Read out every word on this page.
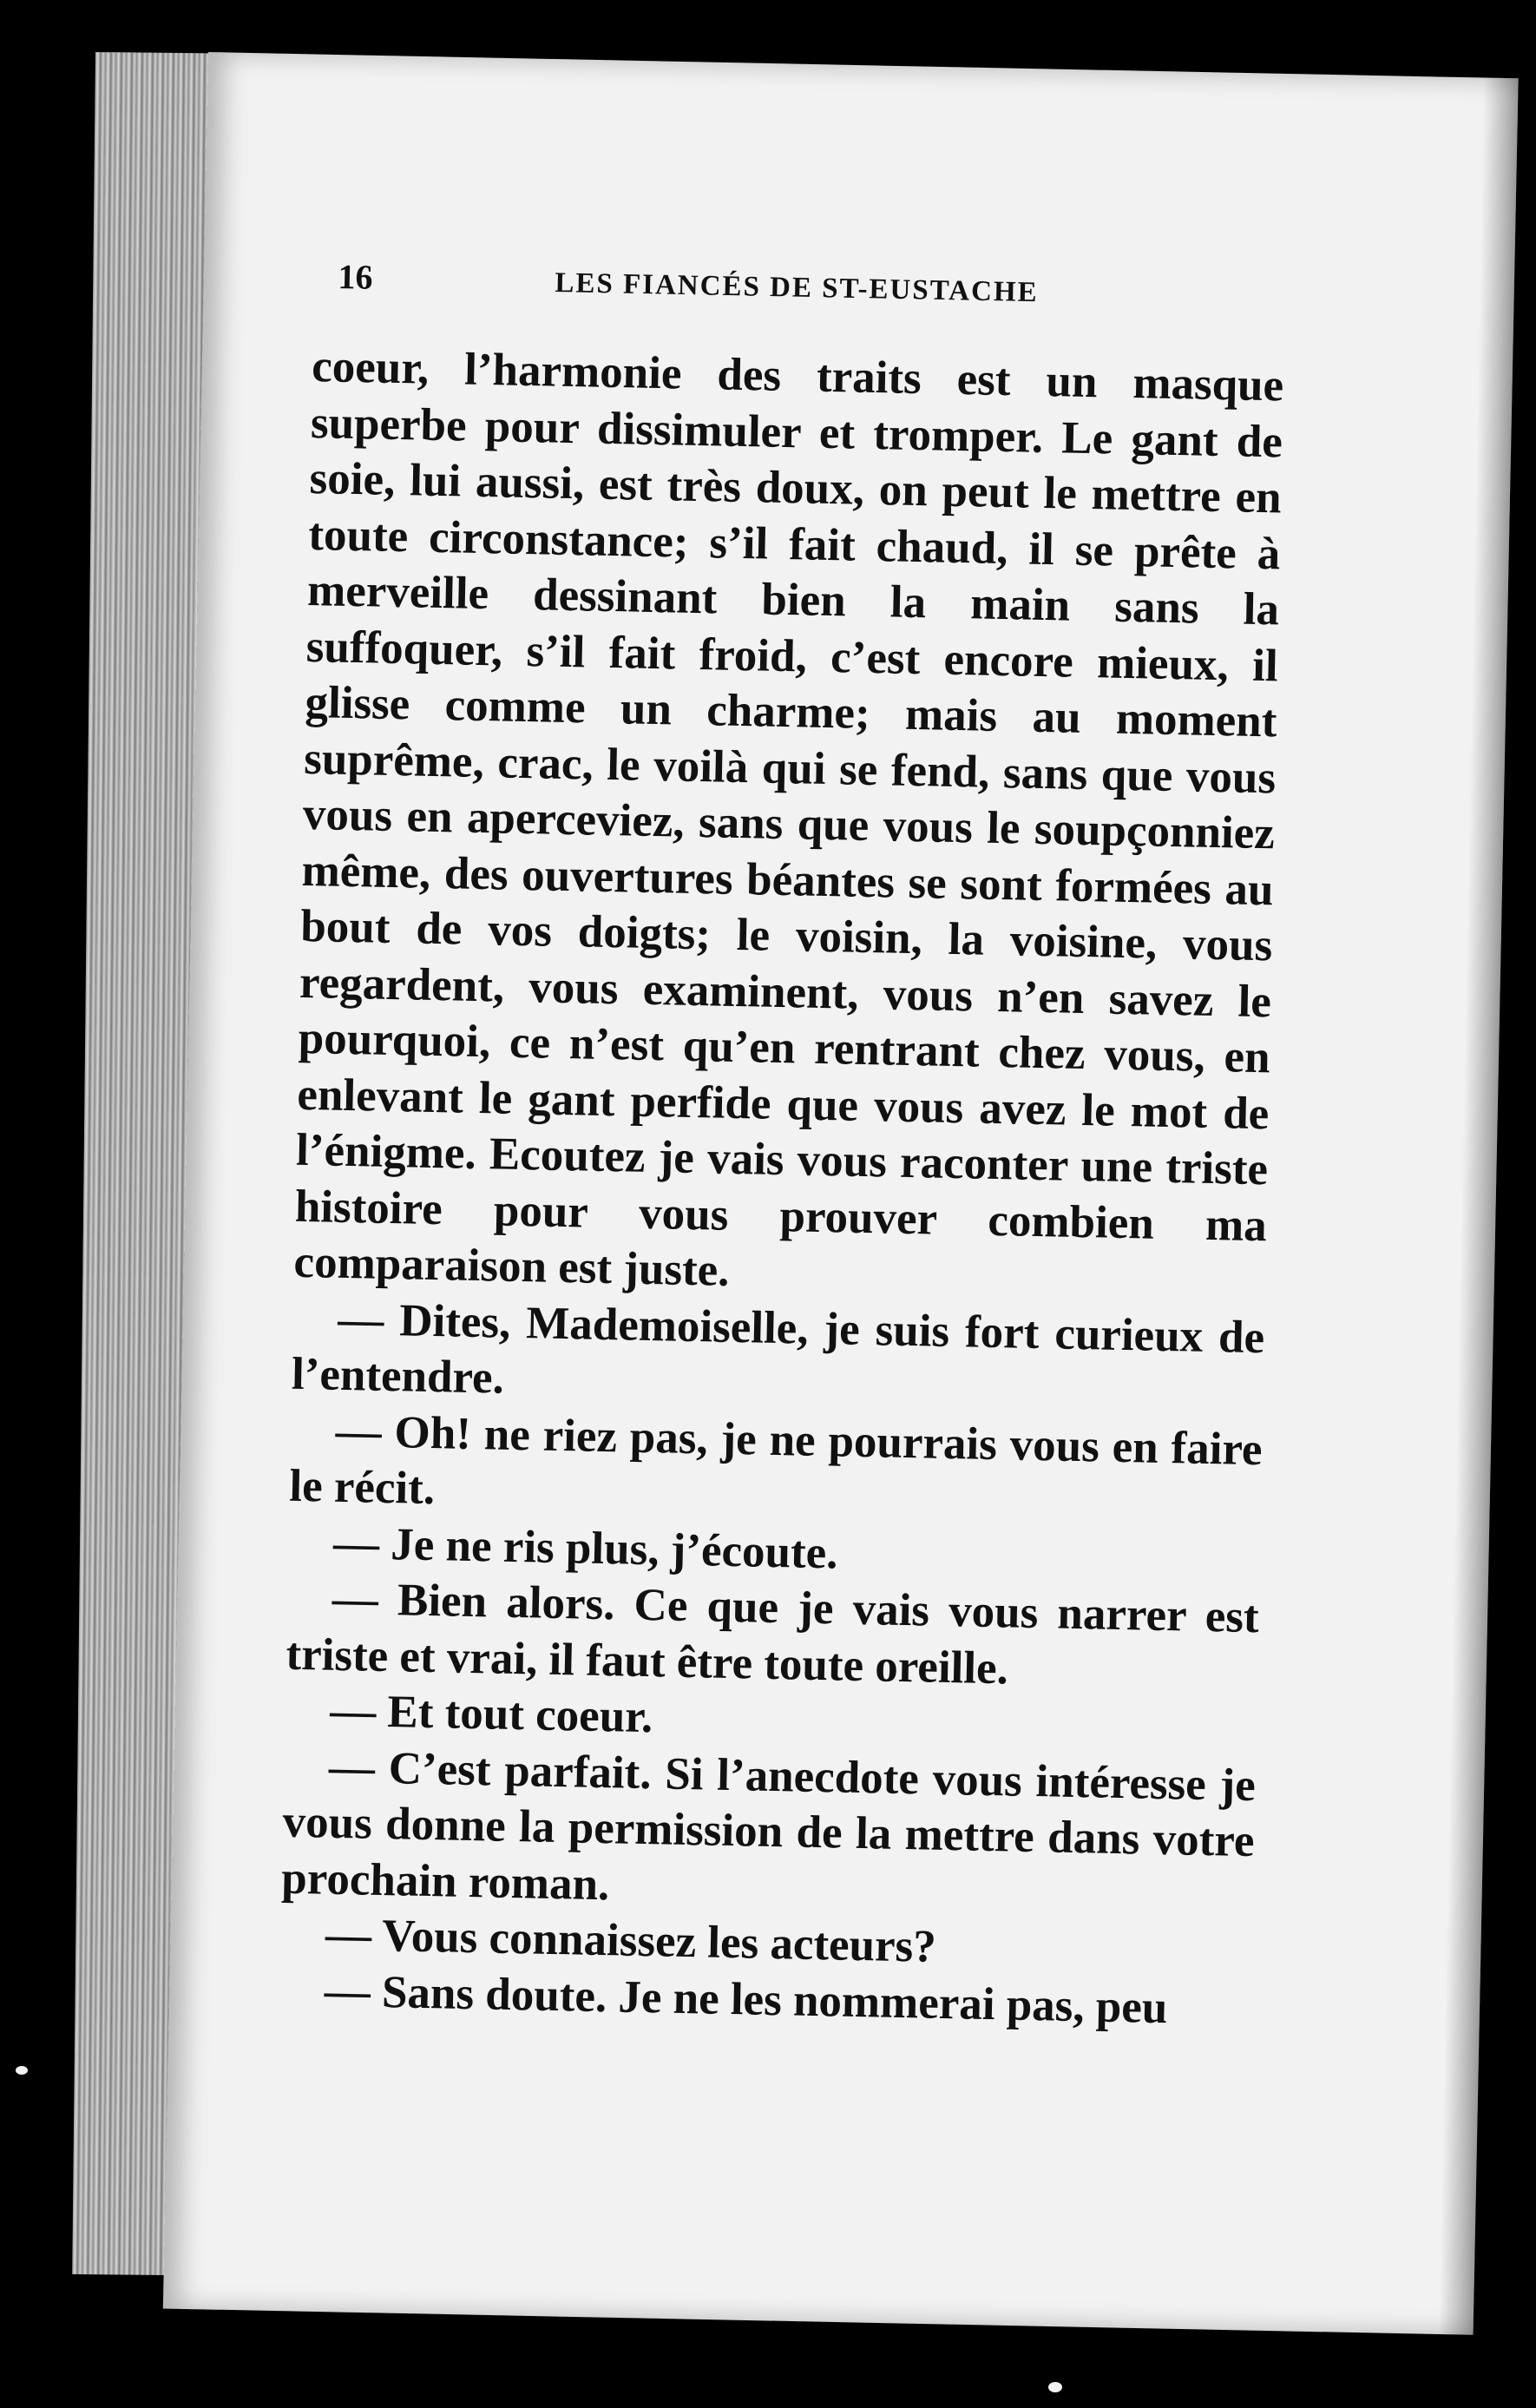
16	LES FIANCÉS DE ST-EUSTACHE

coeur, l’harmonie des traits est un masque superbe pour dissimuler et tromper. Le gant de soie, lui aussi, est très doux, on peut le mettre en toute circonstance; s’il fait chaud, il se prête à merveille dessinant bien la main sans la suffoquer, s’il fait froid, c’est encore mieux, il glisse comme un charme; mais au moment suprême, crac, le voilà qui se fend, sans que vous vous en aperceviez, sans que vous le soupçonniez même, des ouvertures béantes se sont formées au bout de vos doigts; le voisin, la voisine, vous regardent, vous examinent, vous n’en savez le pourquoi, ce n’est qu’en rentrant chez vous, en enlevant le gant perfide que vous avez le mot de l’énigme. Ecoutez je vais vous raconter une triste histoire pour vous prouver combien ma comparaison est juste.

— Dites, Mademoiselle, je suis fort curieux de l’entendre.

— Oh! ne riez pas, je ne pourrais vous en faire le récit.

— Je ne ris plus, j’écoute.

— Bien alors. Ce que je vais vous narrer est triste et vrai, il faut être toute oreille.

— Et tout coeur.

— C’est parfait. Si l’anecdote vous intéresse je vous donne la permission de la mettre dans votre prochain roman.

— Vous connaissez les acteurs?

— Sans doute. Je ne les nommerai pas, peu
